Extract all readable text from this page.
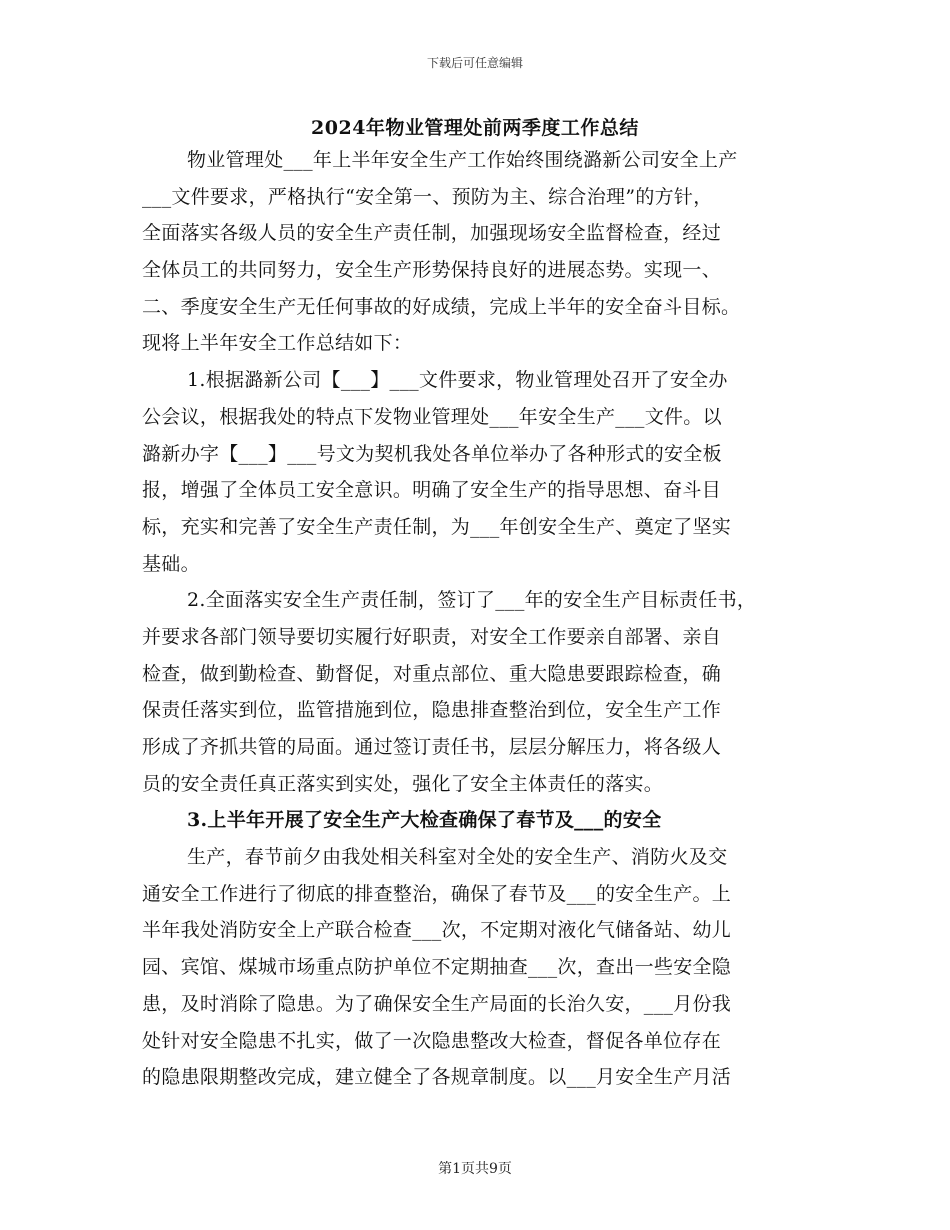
下载后可任意编辑
2024年物业管理处前两季度工作总结
物业管理处___年上半年安全生产工作始终围绕潞新公司安全上产
___文件要求，严格执行“安全第一、预防为主、综合治理”的方针，
全面落实各级人员的安全生产责任制，加强现场安全监督检查，经过
全体员工的共同努力，安全生产形势保持良好的进展态势。实现一、
二、季度安全生产无任何事故的好成绩，完成上半年的安全奋斗目标。
现将上半年安全工作总结如下：
1.根据潞新公司【___】___文件要求，物业管理处召开了安全办
公会议，根据我处的特点下发物业管理处___年安全生产___文件。以
潞新办字【___】___号文为契机我处各单位举办了各种形式的安全板
报，增强了全体员工安全意识。明确了安全生产的指导思想、奋斗目
标，充实和完善了安全生产责任制，为___年创安全生产、奠定了坚实
基础。
2.全面落实安全生产责任制，签订了___年的安全生产目标责任书，
并要求各部门领导要切实履行好职责，对安全工作要亲自部署、亲自
检查，做到勤检查、勤督促，对重点部位、重大隐患要跟踪检查，确
保责任落实到位，监管措施到位，隐患排查整治到位，安全生产工作
形成了齐抓共管的局面。通过签订责任书，层层分解压力，将各级人
员的安全责任真正落实到实处，强化了安全主体责任的落实。
3.上半年开展了安全生产大检查确保了春节及___的安全
生产，春节前夕由我处相关科室对全处的安全生产、消防火及交
通安全工作进行了彻底的排查整治，确保了春节及___的安全生产。上
半年我处消防安全上产联合检查___次，不定期对液化气储备站、幼儿
园、宾馆、煤城市场重点防护单位不定期抽查___次，查出一些安全隐
患，及时消除了隐患。为了确保安全生产局面的长治久安，___月份我
处针对安全隐患不扎实，做了一次隐患整改大检查，督促各单位存在
的隐患限期整改完成，建立健全了各规章制度。以___月安全生产月活
第1页共9页
